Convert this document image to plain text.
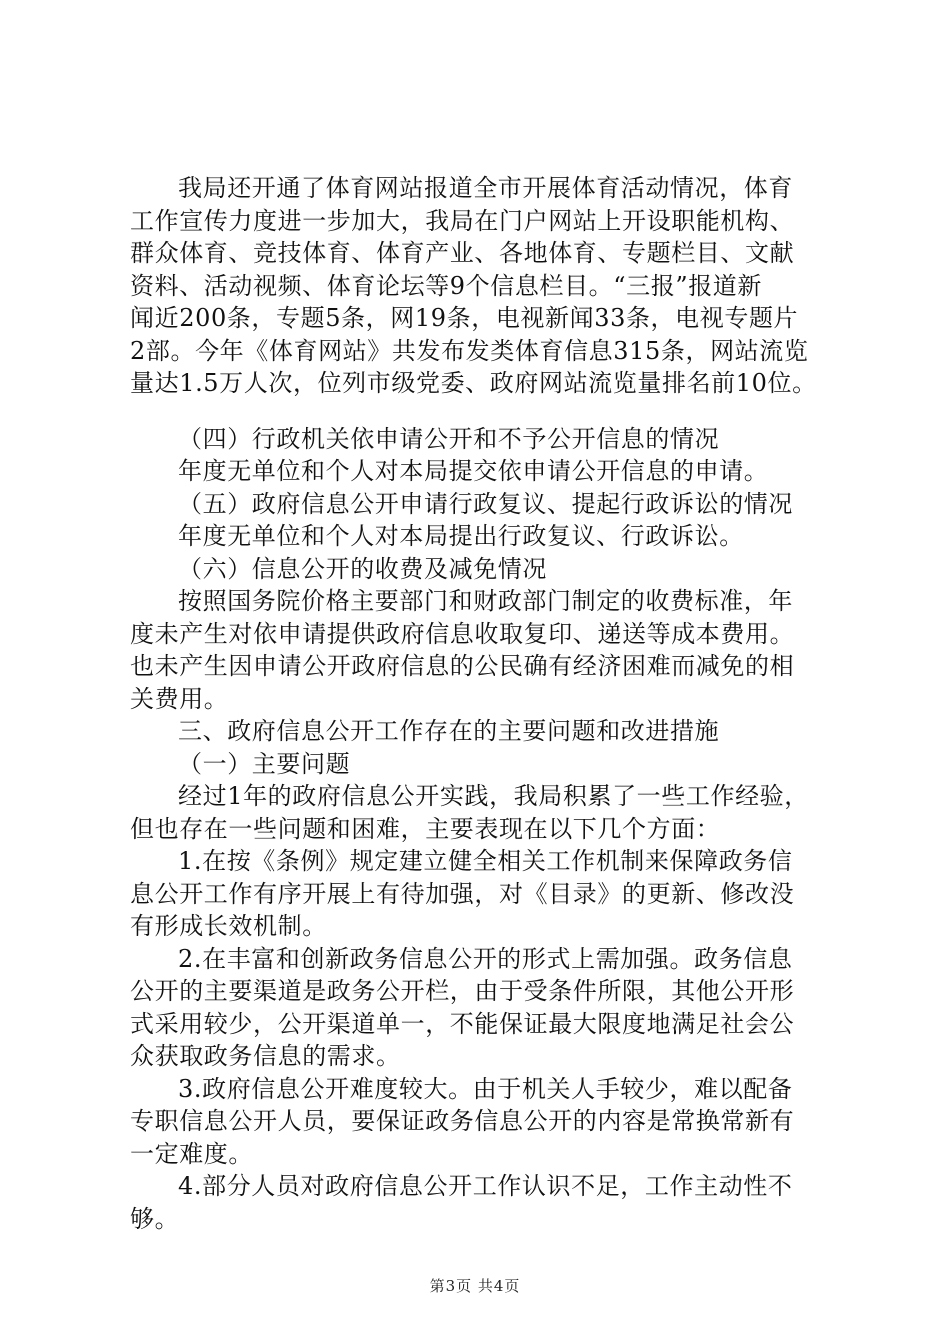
我局还开通了体育网站报道全市开展体育活动情况，体育
工作宣传力度进一步加大，我局在门户网站上开设职能机构、
群众体育、竞技体育、体育产业、各地体育、专题栏目、文献
资料、活动视频、体育论坛等9个信息栏目。“三报”报道新
闻近200条，专题5条，网19条，电视新闻33条，电视专题片
2部。今年《体育网站》共发布发类体育信息315条，网站流览
量达1.5万人次，位列市级党委、政府网站流览量排名前10位。
（四）行政机关依申请公开和不予公开信息的情况
年度无单位和个人对本局提交依申请公开信息的申请。
（五）政府信息公开申请行政复议、提起行政诉讼的情况
年度无单位和个人对本局提出行政复议、行政诉讼。
（六）信息公开的收费及减免情况
按照国务院价格主要部门和财政部门制定的收费标准，年
度未产生对依申请提供政府信息收取复印、递送等成本费用。
也未产生因申请公开政府信息的公民确有经济困难而减免的相
关费用。
三、政府信息公开工作存在的主要问题和改进措施
（一）主要问题
经过1年的政府信息公开实践，我局积累了一些工作经验，
但也存在一些问题和困难，主要表现在以下几个方面：
1.在按《条例》规定建立健全相关工作机制来保障政务信
息公开工作有序开展上有待加强，对《目录》的更新、修改没
有形成长效机制。
2.在丰富和创新政务信息公开的形式上需加强。政务信息
公开的主要渠道是政务公开栏，由于受条件所限，其他公开形
式采用较少，公开渠道单一，不能保证最大限度地满足社会公
众获取政务信息的需求。
3.政府信息公开难度较大。由于机关人手较少，难以配备
专职信息公开人员，要保证政务信息公开的内容是常换常新有
一定难度。
4.部分人员对政府信息公开工作认识不足，工作主动性不
够。
第3页 共4页
